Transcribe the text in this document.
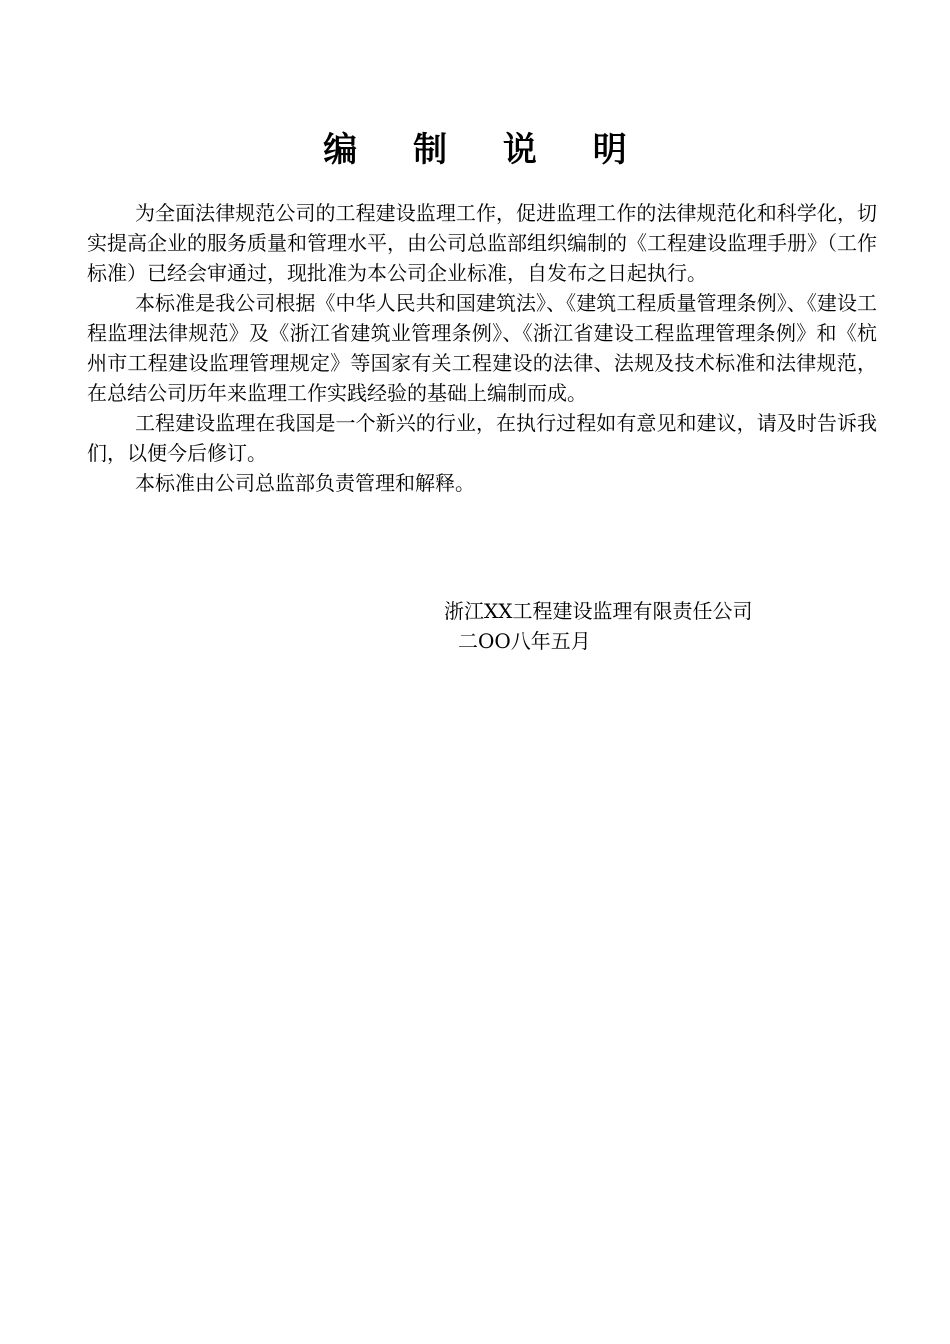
编 制 说 明

为全面法律规范公司的工程建设监理工作，促进监理工作的法律规范化和科学化，切实提高企业的服务质量和管理水平，由公司总监部组织编制的《工程建设监理手册》（工作标准）已经会审通过，现批准为本公司企业标准，自发布之日起执行。

本标准是我公司根据《中华人民共和国建筑法》、《建筑工程质量管理条例》、《建设工程监理法律规范》及《浙江省建筑业管理条例》、《浙江省建设工程监理管理条例》和《杭州市工程建设监理管理规定》等国家有关工程建设的法律、法规及技术标准和法律规范，在总结公司历年来监理工作实践经验的基础上编制而成。

工程建设监理在我国是一个新兴的行业，在执行过程如有意见和建议，请及时告诉我们，以便今后修订。

本标准由公司总监部负责管理和解释。

浙江XX工程建设监理有限责任公司
二OO八年五月
